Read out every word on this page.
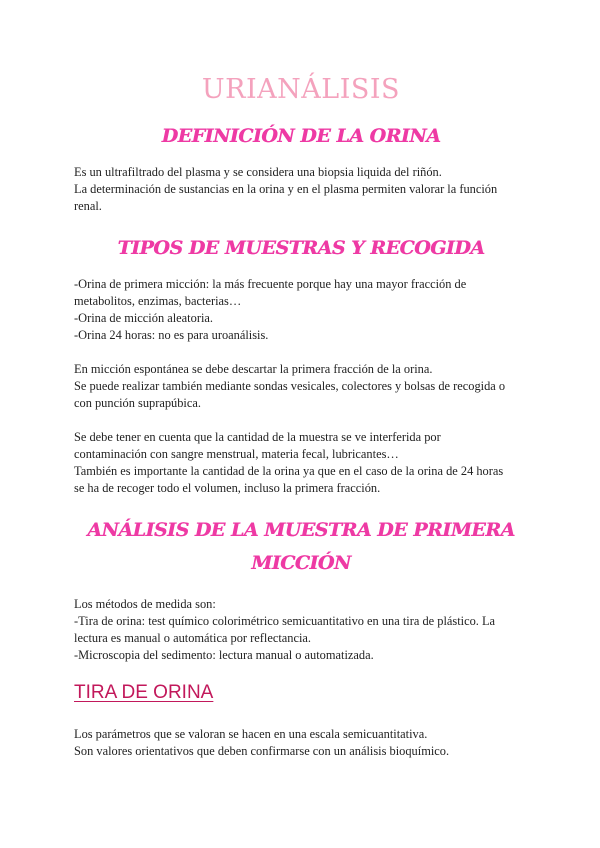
URIANÁLISIS
DEFINICIÓN DE LA ORINA

Es un ultrafiltrado del plasma y se considera una biopsia liquida del riñón.
La determinación de sustancias en la orina y en el plasma permiten valorar la función
renal.

TIPOS DE MUESTRAS Y RECOGIDA

-Orina de primera micción: la más frecuente porque hay una mayor fracción de
metabolitos, enzimas, bacterias…
-Orina de micción aleatoria.
-Orina 24 horas: no es para uroanálisis.

En micción espontánea se debe descartar la primera fracción de la orina.
Se puede realizar también mediante sondas vesicales, colectores y bolsas de recogida o
con punción suprapúbica.

Se debe tener en cuenta que la cantidad de la muestra se ve interferida por
contaminación con sangre menstrual, materia fecal, lubricantes…
También es importante la cantidad de la orina ya que en el caso de la orina de 24 horas
se ha de recoger todo el volumen, incluso la primera fracción.

ANÁLISIS DE LA MUESTRA DE PRIMERA
MICCIÓN

Los métodos de medida son:
-Tira de orina: test químico colorimétrico semicuantitativo en una tira de plástico. La
lectura es manual o automática por reflectancia.
-Microscopia del sedimento: lectura manual o automatizada.

TIRA DE ORINA

Los parámetros que se valoran se hacen en una escala semicuantitativa.
Son valores orientativos que deben confirmarse con un análisis bioquímico.
